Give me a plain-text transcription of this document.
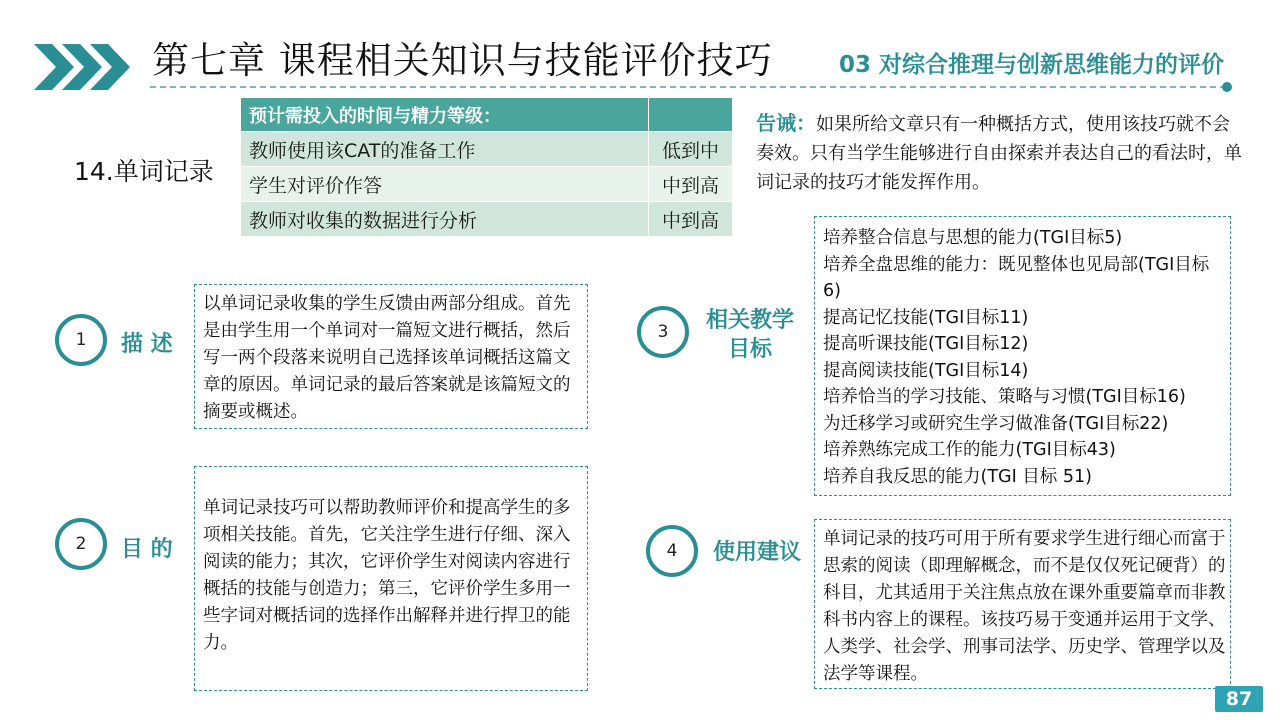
第七章 课程相关知识与技能评价技巧	03 对综合推理与创新思维能力的评价
14.单词记录
预计需投入的时间与精力等级：	
教师使用该CAT的准备工作	低到中
学生对评价作答	中到高
教师对收集的数据进行分析	中到高
告诫：如果所给文章只有一种概括方式，使用该技巧就不会奏效。只有当学生能够进行自由探索并表达自己的看法时，单词记录的技巧才能发挥作用。
1 描 述
以单词记录收集的学生反馈由两部分组成。首先是由学生用一个单词对一篇短文进行概括，然后写一两个段落来说明自己选择该单词概括这篇文章的原因。单词记录的最后答案就是该篇短文的摘要或概述。
2 目 的
单词记录技巧可以帮助教师评价和提高学生的多项相关技能。首先，它关注学生进行仔细、深入阅读的能力；其次，它评价学生对阅读内容进行概括的技能与创造力；第三，它评价学生多用一些字词对概括词的选择作出解释并进行捍卫的能力。
3 相关教学
目标
培养整合信息与思想的能力(TGI目标5)
培养全盘思维的能力：既见整体也见局部(TGI目标6)
提高记忆技能(TGI目标11)
提高听课技能(TGI目标12)
提高阅读技能(TGI目标14)
培养恰当的学习技能、策略与习惯(TGI目标16)
为迁移学习或研究生学习做准备(TGI目标22)
培养熟练完成工作的能力(TGI目标43)
培养自我反思的能力(TGI 目标 51)
4 使用建议
单词记录的技巧可用于所有要求学生进行细心而富于思索的阅读（即理解概念，而不是仅仅死记硬背）的科目，尤其适用于关注焦点放在课外重要篇章而非教科书内容上的课程。该技巧易于变通并运用于文学、人类学、社会学、刑事司法学、历史学、管理学以及法学等课程。
87
